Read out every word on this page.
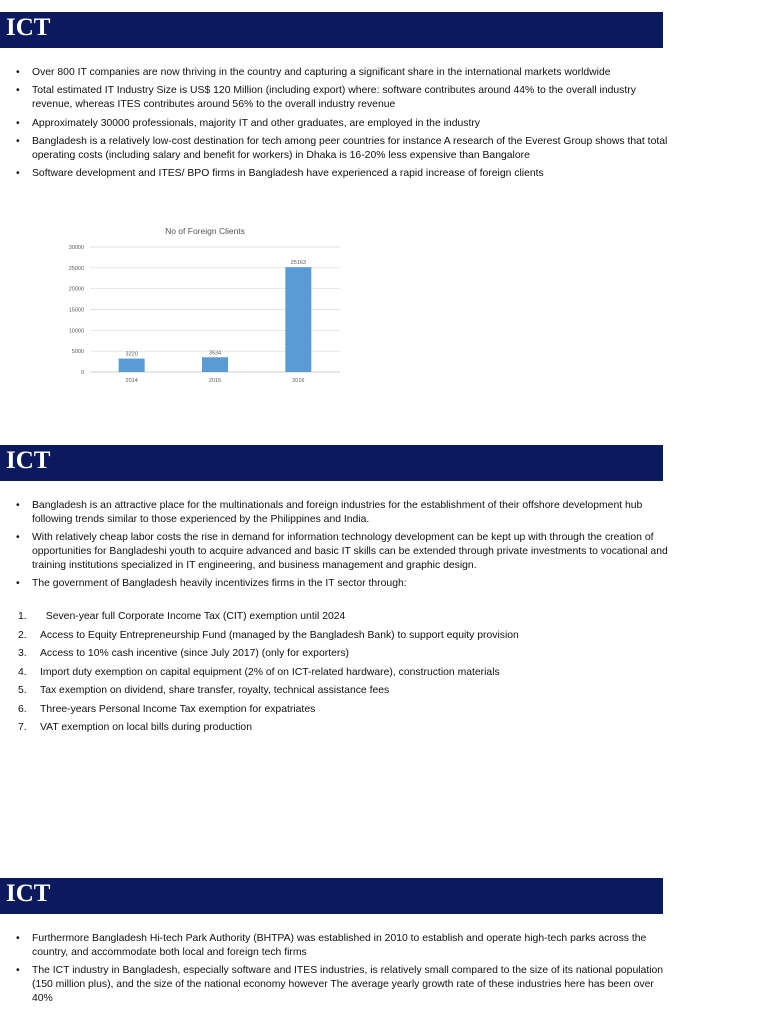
ICT
• Over 800 IT companies are now thriving in the country and capturing a significant share in the international markets worldwide
• Total estimated IT Industry Size is US$ 120 Million (including export) where: software contributes around 44% to the overall industry revenue, whereas ITES contributes around 56% to the overall industry revenue
• Approximately 30000 professionals, majority IT and other graduates, are employed in the industry
• Bangladesh is a relatively low-cost destination for tech among peer countries for instance A research of the Everest Group shows that total operating costs (including salary and benefit for workers) in Dhaka is 16-20% less expensive than Bangalore
• Software development and ITES/ BPO firms in Bangladesh have experienced a rapid increase of foreign clients
No of Foreign Clients
0
5000
10000
15000
20000
25000
30000
2014	2015	2016
3220	3534
25163
ICT
• Bangladesh is an attractive place for the multinationals and foreign industries for the establishment of their offshore development hub following trends similar to those experienced by the Philippines and India.
• With relatively cheap labor costs the rise in demand for information technology development can be kept up with through the creation of opportunities for Bangladeshi youth to acquire advanced and basic IT skills can be extended through private investments to vocational and training institutions specialized in IT engineering, and business management and graphic design.
• The government of Bangladesh heavily incentivizes firms in the IT sector through:
1.	Seven-year full Corporate Income Tax (CIT) exemption until 2024
2.	Access to Equity Entrepreneurship Fund (managed by the Bangladesh Bank) to support equity provision
3.	Access to 10% cash incentive (since July 2017) (only for exporters)
4.	Import duty exemption on capital equipment (2% of on ICT-related hardware), construction materials
5.	Tax exemption on dividend, share transfer, royalty, technical assistance fees
6.	Three-years Personal Income Tax exemption for expatriates
7.	VAT exemption on local bills during production
ICT
• Furthermore Bangladesh Hi-tech Park Authority (BHTPA) was established in 2010 to establish and operate high-tech parks across the country, and accommodate both local and foreign tech firms
• The ICT industry in Bangladesh, especially software and ITES industries, is relatively small compared to the size of its national population (150 million plus), and the size of the national economy however The average yearly growth rate of these industries here has been over 40%
